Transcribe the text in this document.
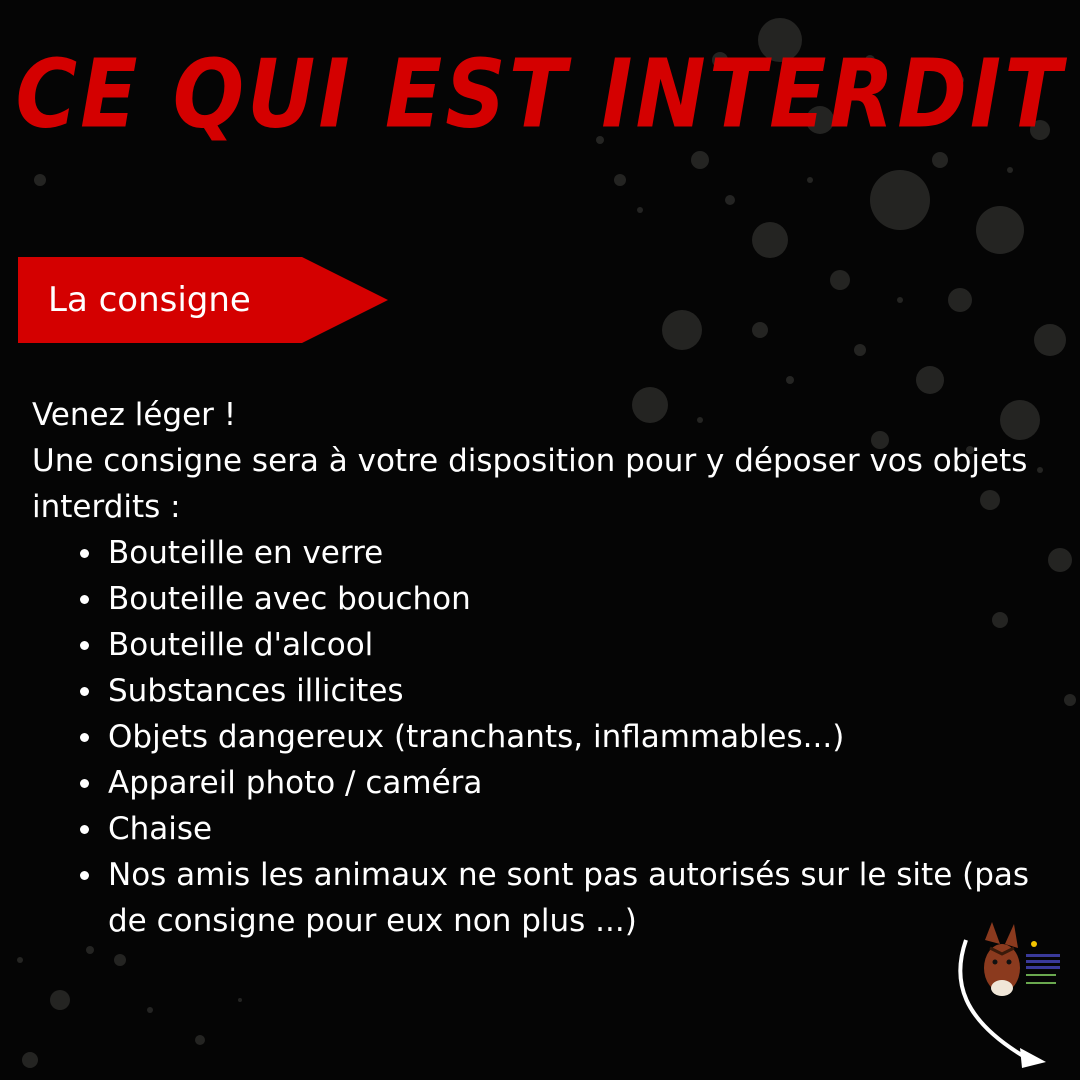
CE QUI EST INTERDIT
La consigne

Venez léger !

Une consigne sera à votre disposition pour y déposer vos objets interdits :

Bouteille en verre
Bouteille avec bouchon
Bouteille d'alcool
Substances illicites
Objets dangereux (tranchants, inflammables...)
Appareil photo / caméra
Chaise
Nos amis les animaux ne sont pas autorisés sur le site (pas de consigne pour eux non plus ...)
